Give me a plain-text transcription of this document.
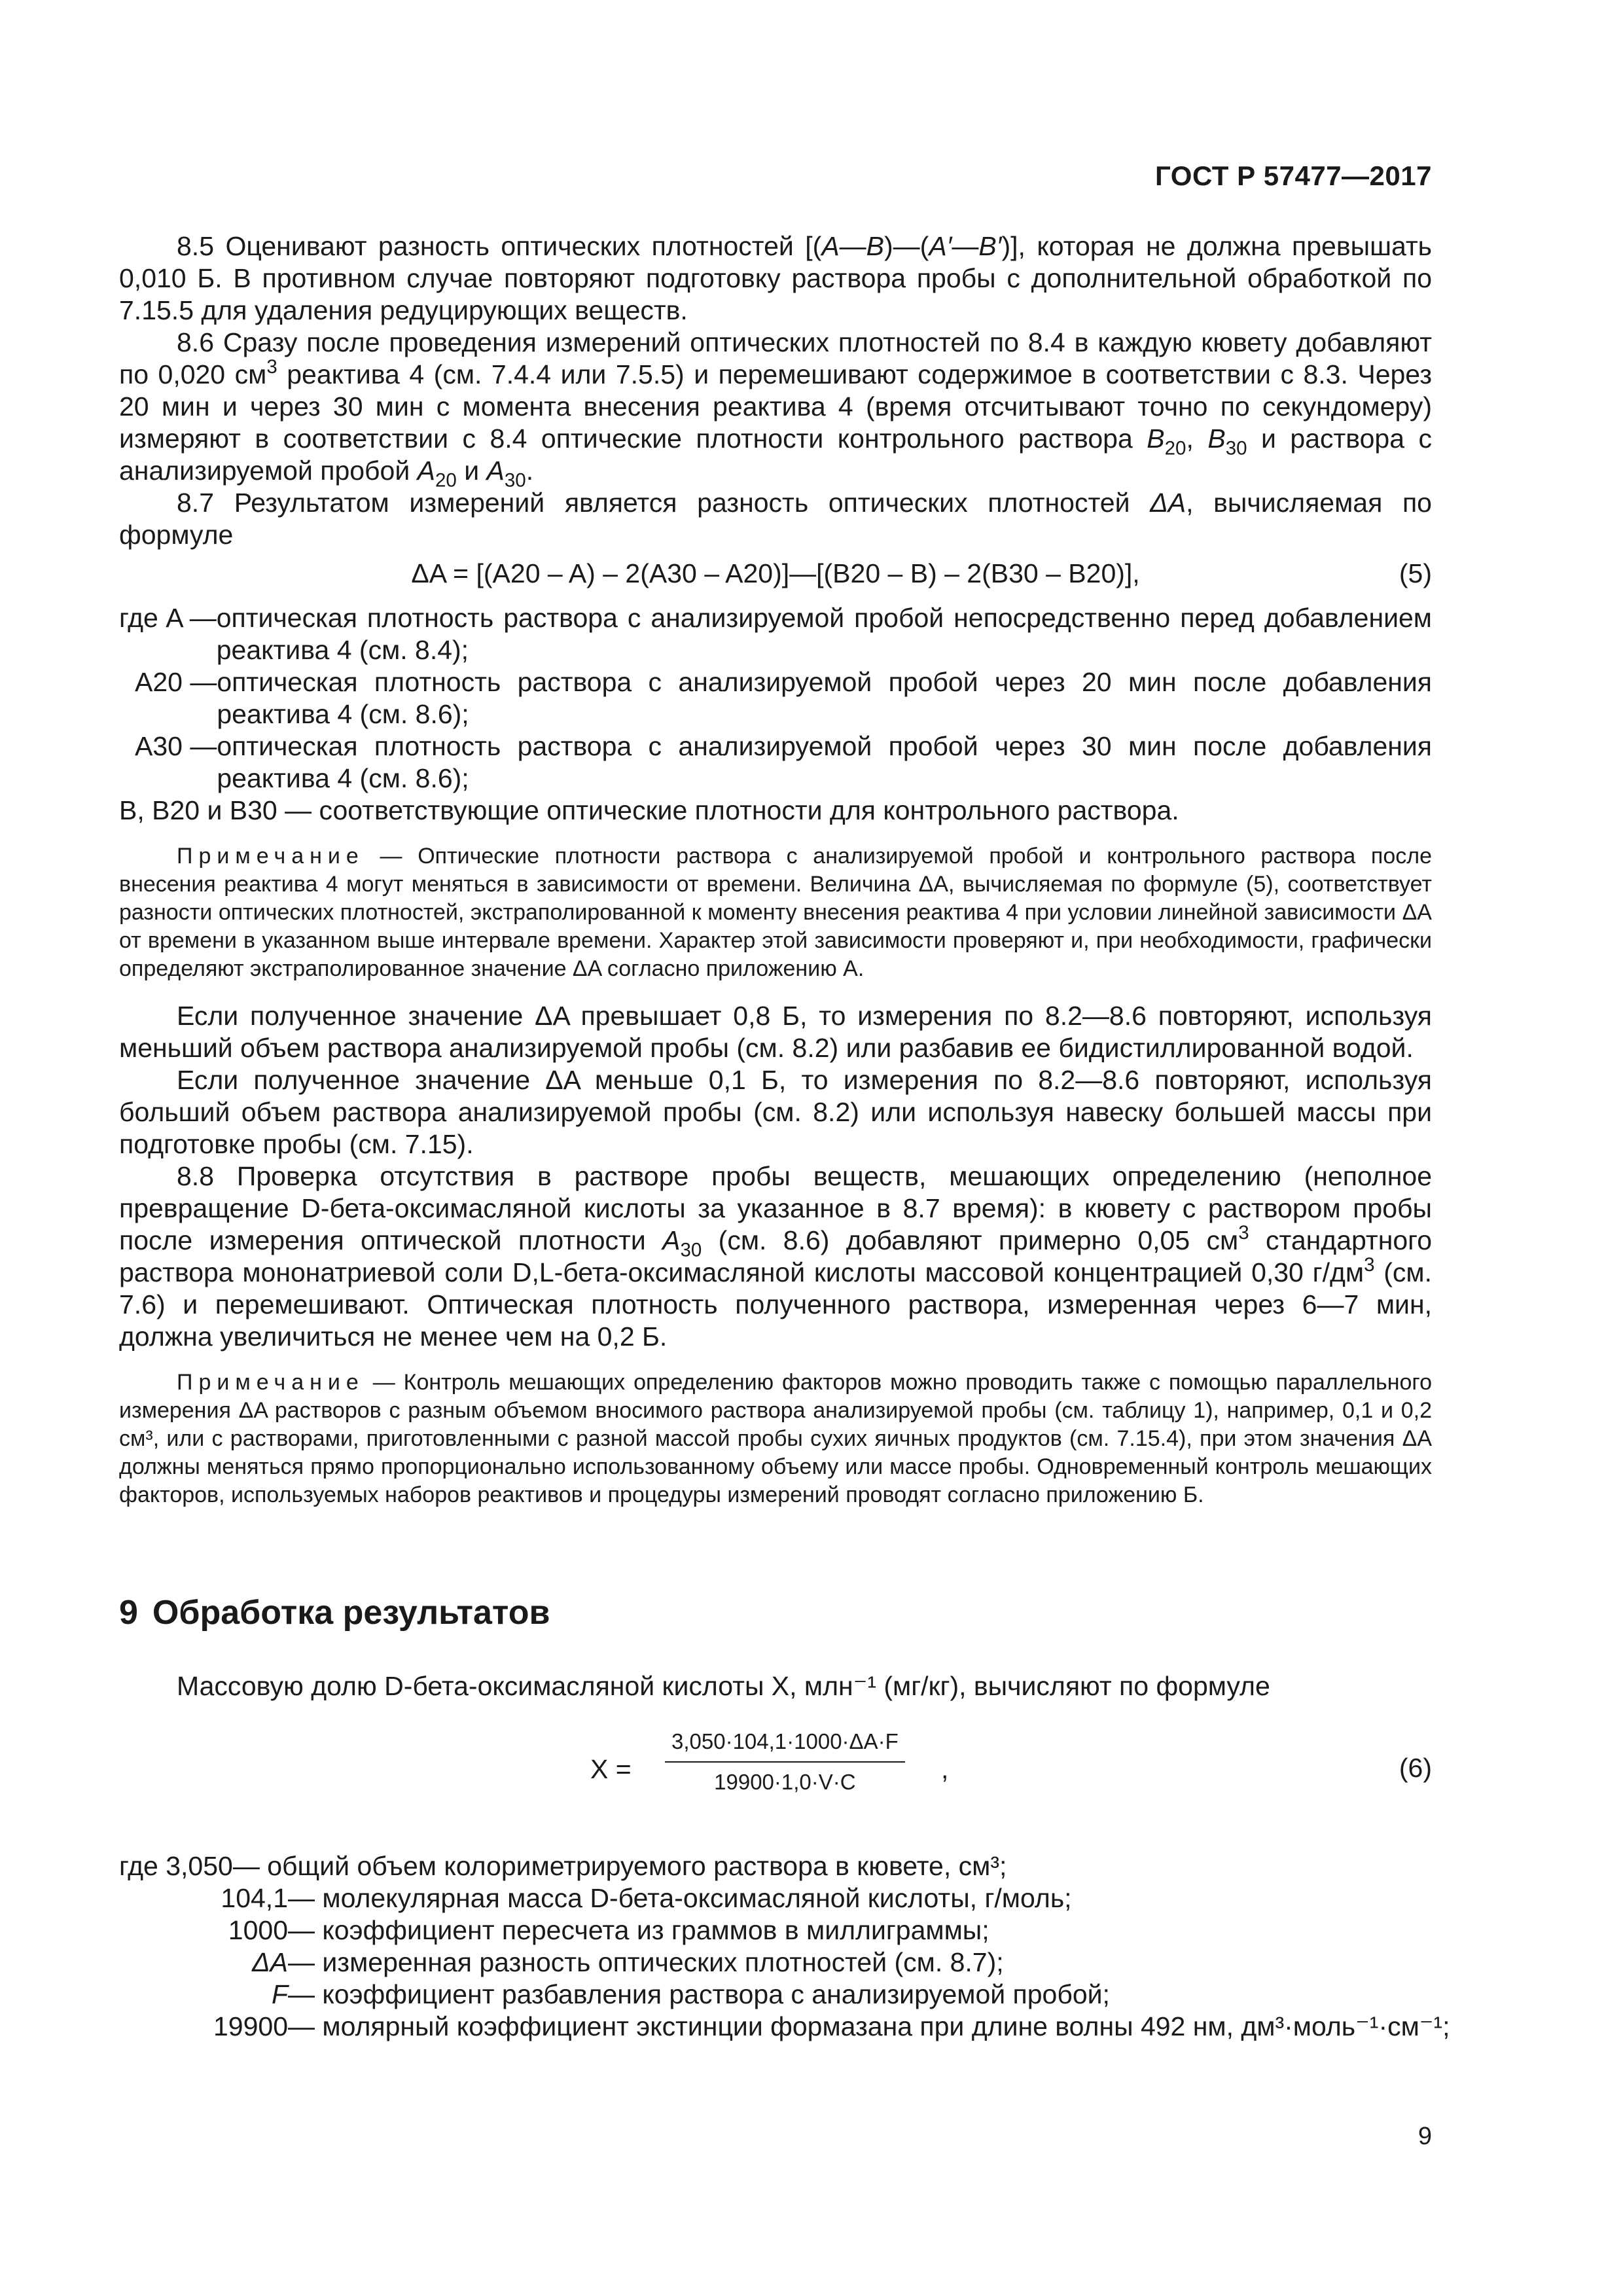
ГОСТ Р 57477—2017

8.5 Оценивают разность оптических плотностей [(A—B)—(A′—B′)], которая не должна превышать 0,010 Б. В противном случае повторяют подготовку раствора пробы с дополнительной обработкой по 7.15.5 для удаления редуцирующих веществ.

8.6 Сразу после проведения измерений оптических плотностей по 8.4 в каждую кювету добавляют по 0,020 $см^3$ реактива 4 (см. 7.4.4 или 7.5.5) и перемешивают содержимое в соответствии с 8.3. Через 20 мин и через 30 мин с момента внесения реактива 4 (время отсчитывают точно по секундомеру) измеряют в соответствии с 8.4 оптические плотности контрольного раствора $B_{20}$, $B_{30}$ и раствора с анализируемой пробой $A_{20}$ и $A_{30}$.

8.7 Результатом измерений является разность оптических плотностей ΔA, вычисляемая по формуле

ΔA = [(A20 – A) – 2(A30 – A20)]—[(B20 – B) – 2(B30 – B20)],	(5)
где A — оптическая плотность раствора с анализируемой пробой непосредственно перед добавлением реактива 4 (см. 8.4);
A20 — оптическая плотность раствора с анализируемой пробой через 20 мин после добавления реактива 4 (см. 8.6);
A30 — оптическая плотность раствора с анализируемой пробой через 30 мин после добавления реактива 4 (см. 8.6);

B, B20 и B30 — соответствующие оптические плотности для контрольного раствора.

Примечание — Оптические плотности раствора с анализируемой пробой и контрольного раствора после внесения реактива 4 могут меняться в зависимости от времени. Величина ΔA, вычисляемая по формуле (5), соответствует разности оптических плотностей, экстраполированной к моменту внесения реактива 4 при условии линейной зависимости ΔA от времени в указанном выше интервале времени. Характер этой зависимости проверяют и, при необходимости, графически определяют экстраполированное значение ΔA согласно приложению А.

Если полученное значение ΔA превышает 0,8 Б, то измерения по 8.2—8.6 повторяют, используя меньший объем раствора анализируемой пробы (см. 8.2) или разбавив ее бидистиллированной водой.

Если полученное значение ΔA меньше 0,1 Б, то измерения по 8.2—8.6 повторяют, используя больший объем раствора анализируемой пробы (см. 8.2) или используя навеску большей массы при подготовке пробы (см. 7.15).

8.8 Проверка отсутствия в растворе пробы веществ, мешающих определению (неполное превращение D-бета-оксимасляной кислоты за указанное в 8.7 время): в кювету с раствором пробы после измерения оптической плотности $A_{30}$ (см. 8.6) добавляют примерно 0,05 $см^3$ стандартного раствора мононатриевой соли D,L-бета-оксимасляной кислоты массовой концентрацией 0,30 $г/дм^3$ (см. 7.6) и перемешивают. Оптическая плотность полученного раствора, измеренная через 6—7 мин, должна увеличиться не менее чем на 0,2 Б.

Примечание — Контроль мешающих определению факторов можно проводить также с помощью параллельного измерения ΔA растворов с разным объемом вносимого раствора анализируемой пробы (см. таблицу 1), например, 0,1 и 0,2 см³, или с растворами, приготовленными с разной массой пробы сухих яичных продуктов (см. 7.15.4), при этом значения ΔA должны меняться прямо пропорционально использованному объему или массе пробы. Одновременный контроль мешающих факторов, используемых наборов реактивов и процедуры измерений проводят согласно приложению Б.

9 Обработка результатов

Массовую долю D-бета-оксимасляной кислоты X, млн⁻¹ (мг/кг), вычисляют по формуле

$X = \frac{3,050\cdot 104,1\cdot 1000\cdot\Delta A\cdot F}{19900\cdot 1,0\cdot V\cdot C}$ ,	(6)
где 3,050 — общий объем колориметрируемого раствора в кювете, см³;
104,1 — молекулярная масса D-бета-оксимасляной кислоты, г/моль;
1000 — коэффициент пересчета из граммов в миллиграммы;
ΔA — измеренная разность оптических плотностей (см. 8.7);
F — коэффициент разбавления раствора с анализируемой пробой;
19900 — молярный коэффициент экстинции формазана при длине волны 492 нм, дм³·моль⁻¹·см⁻¹;
9
